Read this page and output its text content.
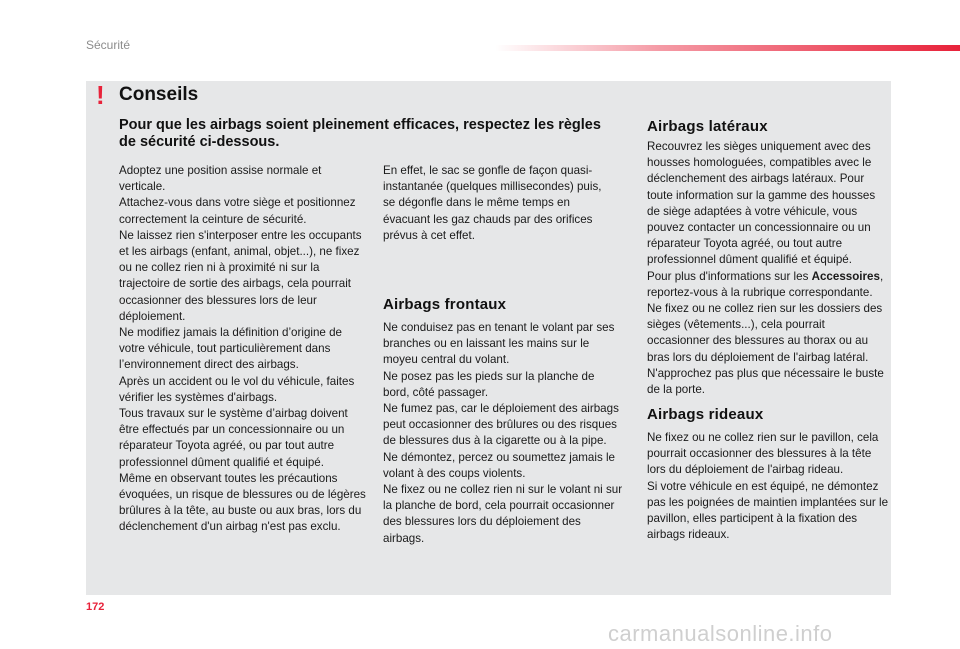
Sécurité
! Conseils
Pour que les airbags soient pleinement efficaces, respectez les règles de sécurité ci-dessous.

Adoptez une position assise normale et verticale.

Attachez-vous dans votre siège et positionnez correctement la ceinture de sécurité.

Ne laissez rien s'interposer entre les occupants et les airbags (enfant, animal, objet...), ne fixez ou ne collez rien ni à proximité ni sur la trajectoire de sortie des airbags, cela pourrait occasionner des blessures lors de leur déploiement.

Ne modifiez jamais la définition d’origine de votre véhicule, tout particulièrement dans l’environnement direct des airbags.

Après un accident ou le vol du véhicule, faites vérifier les systèmes d'airbags.

Tous travaux sur le système d’airbag doivent être effectués par un concessionnaire ou un réparateur Toyota agréé, ou par tout autre professionnel dûment qualifié et équipé.

Même en observant toutes les précautions évoquées, un risque de blessures ou de légères brûlures à la tête, au buste ou aux bras, lors du déclenchement d'un airbag n'est pas exclu.

En effet, le sac se gonfle de façon quasi-instantanée (quelques millisecondes) puis, se dégonfle dans le même temps en évacuant les gaz chauds par des orifices prévus à cet effet.

Airbags frontaux

Ne conduisez pas en tenant le volant par ses branches ou en laissant les mains sur le moyeu central du volant.

Ne posez pas les pieds sur la planche de bord, côté passager.

Ne fumez pas, car le déploiement des airbags peut occasionner des brûlures ou des risques de blessures dus à la cigarette ou à la pipe.

Ne démontez, percez ou soumettez jamais le volant à des coups violents.

Ne fixez ou ne collez rien ni sur le volant ni sur la planche de bord, cela pourrait occasionner des blessures lors du déploiement des airbags.

Airbags latéraux

Recouvrez les sièges uniquement avec des housses homologuées, compatibles avec le déclenchement des airbags latéraux. Pour toute information sur la gamme des housses de siège adaptées à votre véhicule, vous pouvez contacter un concessionnaire ou un réparateur Toyota agréé, ou tout autre professionnel dûment qualifié et équipé.

Pour plus d'informations sur les Accessoires, reportez-vous à la rubrique correspondante.

Ne fixez ou ne collez rien sur les dossiers des sièges (vêtements...), cela pourrait occasionner des blessures au thorax ou au bras lors du déploiement de l'airbag latéral.

N'approchez pas plus que nécessaire le buste de la porte.

Airbags rideaux

Ne fixez ou ne collez rien sur le pavillon, cela pourrait occasionner des blessures à la tête lors du déploiement de l'airbag rideau.

Si votre véhicule en est équipé, ne démontez pas les poignées de maintien implantées sur le pavillon, elles participent à la fixation des airbags rideaux.

172
carmanualsonline.info
